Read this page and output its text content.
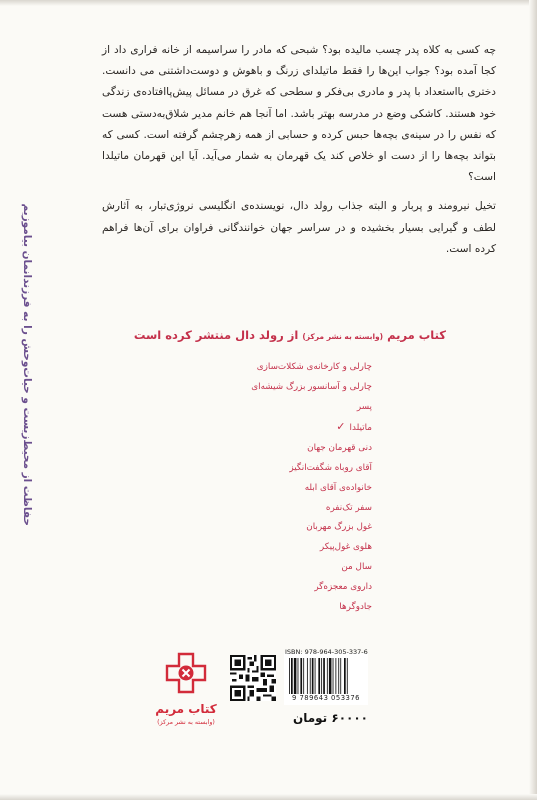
چه کسی به کلاه پدر چسب مالیده بود؟ شبحی که مادر را سراسیمه از خانه فراری داد از کجا آمده بود؟ جواب این‌ها را فقط ماتیلدای زرنگ و باهوش و دوست‌داشتنی می‌ دانست. دختری بااستعداد با پدر و مادری بی‌فکر و سطحی که غرق در مسائل پیش‌پاافتاده‌ی زندگی خود هستند. کاشکی وضع در مدرسه بهتر باشد. اما آنجا هم خانم مدیر شلاق‌به‌دستی هست که نفس را در سینه‌ی بچه‌ها حبس کرده و حسابی از همه زهرچشم گرفته است. کسی که بتواند بچه‌ها را از دست او خلاص کند یک قهرمان به شمار می‌آید. آیا این قهرمان ماتیلدا است؟

تخیل نیرومند و پربار و البته جذاب رولد دال، نویسنده‌ی انگلیسی نروژی‌تبار، به آثارش لطف و گیرایی بسیار بخشیده و در سراسر جهان خوانندگانی فراوان برای آن‌ها فراهم کرده است.

حفاظت از محیط‌زیست و حیات‌وحش را به فرزندانمان بیاموزیم	کتاب مریم (وابسته به نشر مرکز) از رولد دال منتشر کرده است
چارلی و کارخانه‌ی شکلات‌سازی
چارلی و آسانسور بزرگ شیشه‌ای
پسر
ماتیلدا✓
دنی قهرمان جهان
آقای روباه شگفت‌انگیز
خانواده‌ی آقای ابله
سفر تک‌نفره
غول بزرگ مهربان
هلوی غول‌پیکر
سال من
داروی معجزه‌گر
جادوگرها
کتاب مریم
(وابسته به نشر مرکز)
ISBN: 978-964-305-337-6
9 789643 053376
۶۰۰۰۰ تومان
